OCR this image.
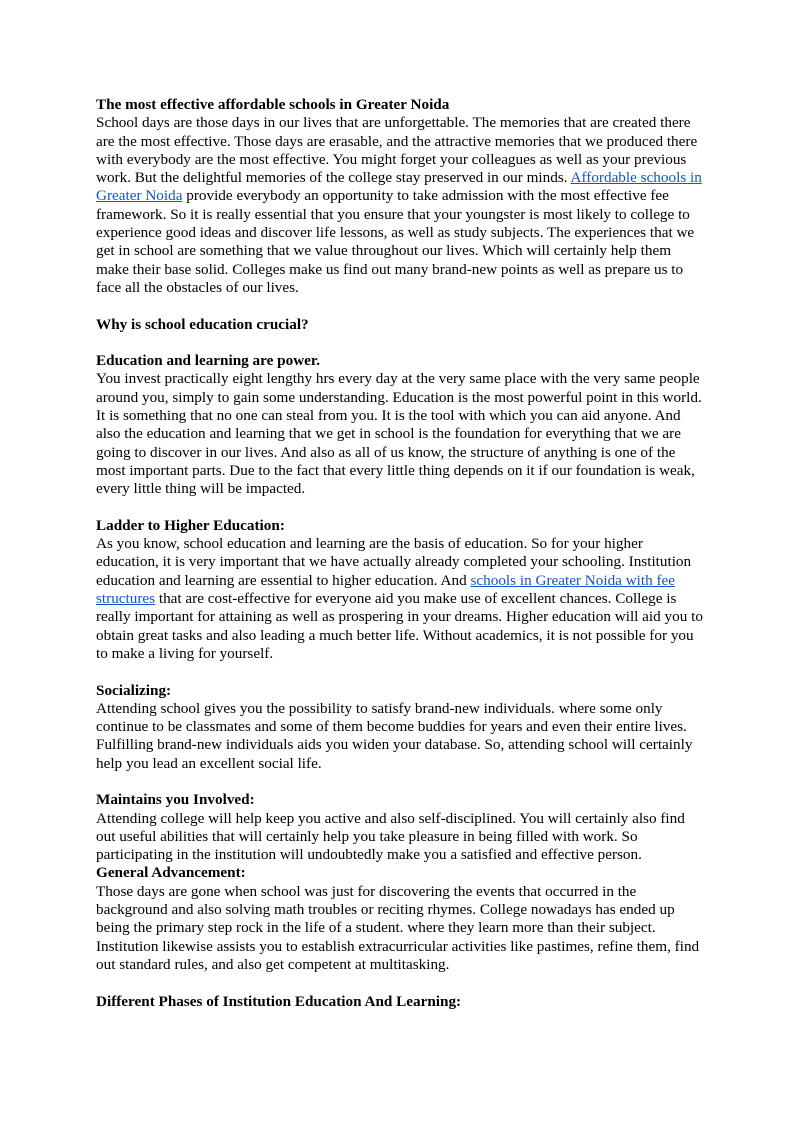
The most effective affordable schools in Greater Noida

School days are those days in our lives that are unforgettable. The memories that are created there are the most effective. Those days are erasable, and the attractive memories that we produced there with everybody are the most effective. You might forget your colleagues as well as your previous work. But the delightful memories of the college stay preserved in our minds. Affordable schools in Greater Noida provide everybody an opportunity to take admission with the most effective fee framework. So it is really essential that you ensure that your youngster is most likely to college to experience good ideas and discover life lessons, as well as study subjects. The experiences that we get in school are something that we value throughout our lives. Which will certainly help them make their base solid. Colleges make us find out many brand-new points as well as prepare us to face all the obstacles of our lives.

Why is school education crucial?

Education and learning are power.

You invest practically eight lengthy hrs every day at the very same place with the very same people around you, simply to gain some understanding. Education is the most powerful point in this world. It is something that no one can steal from you. It is the tool with which you can aid anyone. And also the education and learning that we get in school is the foundation for everything that we are going to discover in our lives. And also as all of us know, the structure of anything is one of the most important parts. Due to the fact that every little thing depends on it if our foundation is weak, every little thing will be impacted.

Ladder to Higher Education:

As you know, school education and learning are the basis of education. So for your higher education, it is very important that we have actually already completed your schooling. Institution education and learning are essential to higher education. And schools in Greater Noida with fee structures that are cost-effective for everyone aid you make use of excellent chances. College is really important for attaining as well as prospering in your dreams. Higher education will aid you to obtain great tasks and also leading a much better life. Without academics, it is not possible for you to make a living for yourself.

Socializing:

Attending school gives you the possibility to satisfy brand-new individuals. where some only continue to be classmates and some of them become buddies for years and even their entire lives. Fulfilling brand-new individuals aids you widen your database. So, attending school will certainly help you lead an excellent social life.

Maintains you Involved:

Attending college will help keep you active and also self-disciplined. You will certainly also find out useful abilities that will certainly help you take pleasure in being filled with work. So participating in the institution will undoubtedly make you a satisfied and effective person.

General Advancement:

Those days are gone when school was just for discovering the events that occurred in the background and also solving math troubles or reciting rhymes. College nowadays has ended up being the primary step rock in the life of a student. where they learn more than their subject. Institution likewise assists you to establish extracurricular activities like pastimes, refine them, find out standard rules, and also get competent at multitasking.

Different Phases of Institution Education And Learning:
